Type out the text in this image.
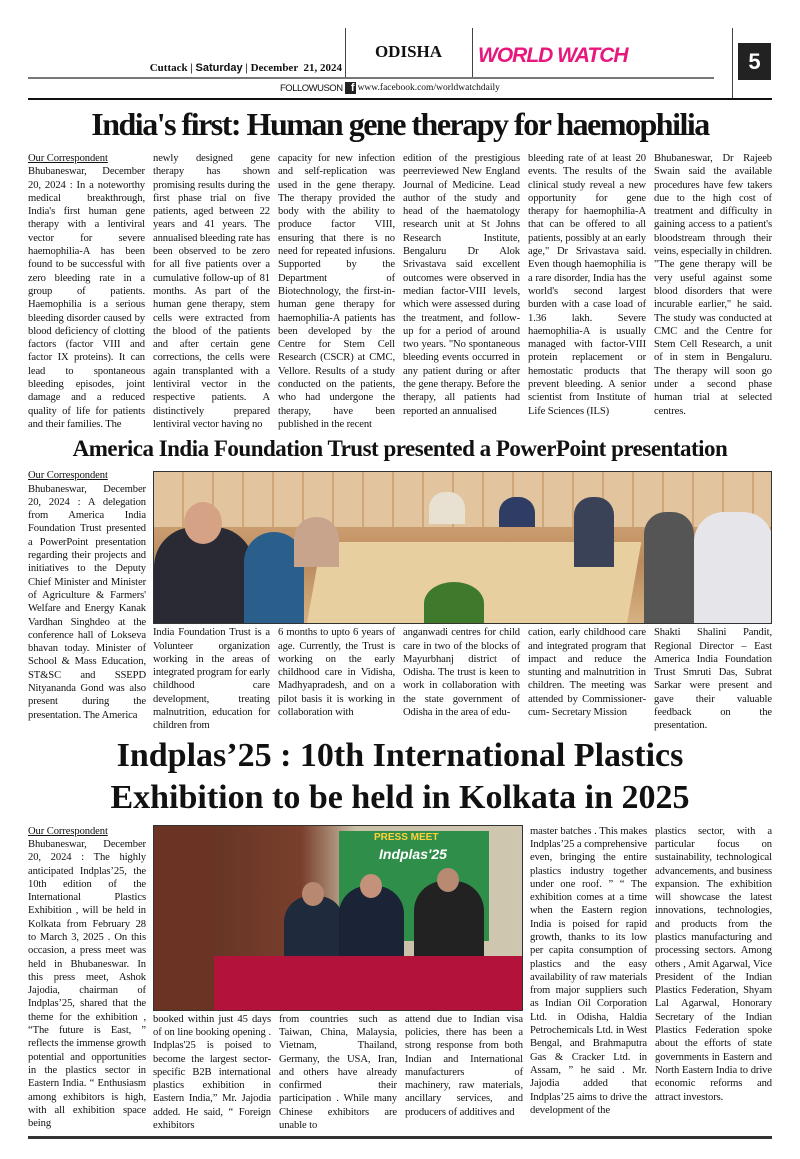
Cuttack | Saturday | December  21, 2024
ODISHA	WORLD WATCH	5
FOLLOWUSON f www.facebook.com/worldwatchdaily
India's first: Human gene therapy for haemophilia
Our Correspondent
Bhubaneswar, December 20, 2024 : In a noteworthy medical breakthrough, India's first human gene therapy with a lentiviral vector for severe haemophilia-A has been found to be successful with zero bleeding rate in a group of patients. Haemophilia is a serious bleeding disorder caused by blood deficiency of clotting factors (factor VIII and factor IX proteins). It can lead to spontaneous bleeding episodes, joint damage and a reduced quality of life for patients and their families. The
newly designed gene therapy has shown promising results during the first phase trial on five patients, aged between 22 years and 41 years. The annualised bleeding rate has been observed to be zero for all five patients over a cumulative follow-up of 81 months. As part of the human gene therapy, stem cells were extracted from the blood of the patients and after certain gene corrections, the cells were again transplanted with a lentiviral vector in the respective patients. A distinctively prepared lentiviral vector having no
capacity for new infection and self-replication was used in the gene therapy. The therapy provided the body with the ability to produce factor VIII, ensuring that there is no need for repeated infusions. Supported by the Department of Biotechnology, the first-in-human gene therapy for haemophilia-A patients has been developed by the Centre for Stem Cell Research (CSCR) at CMC, Vellore. Results of a study conducted on the patients, who had undergone the therapy, have been published in the recent
edition of the prestigious peerreviewed New England Journal of Medicine. Lead author of the study and head of the haematology research unit at St Johns Research Institute, Bengaluru Dr Alok Srivastava said excellent outcomes were observed in median factor-VIII levels, which were assessed during the treatment, and follow-up for a period of around two years. "No spontaneous bleeding events occurred in any patient during or after the gene therapy. Before the therapy, all patients had reported an annualised
bleeding rate of at least 20 events. The results of the clinical study reveal a new opportunity for gene therapy for haemophilia-A that can be offered to all patients, possibly at an early age," Dr Srivastava said. Even though haemophilia is a rare disorder, India has the world's second largest burden with a case load of 1.36 lakh. Severe haemophilia-A is usually managed with factor-VIII protein replacement or hemostatic products that prevent bleeding. A senior scientist from Institute of Life Sciences (ILS)
Bhubaneswar, Dr Rajeeb Swain said the available procedures have few takers due to the high cost of treatment and difficulty in gaining access to a patient's bloodstream through their veins, especially in children. "The gene therapy will be very useful against some blood disorders that were incurable earlier," he said. The study was conducted at CMC and the Centre for Stem Cell Research, a unit of in stem in Bengaluru. The therapy will soon go under a second phase human trial at selected centres.
America India Foundation Trust presented a PowerPoint presentation
Our Correspondent
Bhubaneswar, December 20, 2024 : A delegation from America India Foundation Trust presented a PowerPoint presentation regarding their projects and initiatives to the Deputy Chief Minister and Minister of Agriculture & Farmers' Welfare and Energy Kanak Vardhan Singhdeo at the conference hall of Lokseva bhavan today. Minister of School & Mass Education, ST&SC and SSEPD Nityananda Gond was also present during the presentation. The America
India Foundation Trust is a Volunteer organization working in the areas of integrated program for early childhood care development, treating malnutrition, education for children from
6 months to upto 6 years of age. Currently, the Trust is working on the early childhood care in Vidisha, Madhyapradesh, and on a pilot basis it is working in collaboration with
anganwadi centres for child care in two of the blocks of Mayurbhanj district of Odisha. The trust is keen to work in collaboration with the state government of Odisha in the area of edu-
cation, early childhood care and integrated program that impact and reduce the stunting and malnutrition in children. The meeting was attended by Commissioner-cum- Secretary Mission
Shakti Shalini Pandit, Regional Director – East America India Foundation Trust Smruti Das, Subrat Sarkar were present and gave their valuable feedback on the presentation.
Indplas’25 : 10th International Plastics
Exhibition to be held in Kolkata in 2025
Our Correspondent
Bhubaneswar, December 20, 2024 : The highly anticipated Indplas’25, the 10th edition of the International Plastics Exhibition , will be held in Kolkata from February 28 to March 3, 2025 . On this occasion, a press meet was held in Bhubaneswar. In this press meet, Ashok Jajodia, chairman of Indplas’25, shared that the theme for the exhibition , “The future is East, ” reflects the immense growth potential and opportunities in the plastics sector in Eastern India. “ Enthusiasm among exhibitors is high, with all exhibition space being
PRESS MEET
Indplas'25
booked within just 45 days of on line booking opening . Indplas'25 is poised to become the largest sector-specific B2B international plastics exhibition in Eastern India,” Mr. Jajodia added. He said, “ Foreign exhibitors
from countries such as Taiwan, China, Malaysia, Vietnam, Thailand, Germany, the USA, Iran, and others have already confirmed their participation . While many Chinese exhibitors are unable to
attend due to Indian visa policies, there has been a strong response from both Indian and International manufacturers of machinery, raw materials, ancillary services, and producers of additives and
master batches . This makes Indplas’25 a comprehensive even, bringing the entire plastics industry together under one roof. ” “ The exhibition comes at a time when the Eastern region India is poised for rapid growth, thanks to its low per capita consumption of plastics and the easy availability of raw materials from major suppliers such as Indian Oil Corporation Ltd. in Odisha, Haldia Petrochemicals Ltd. in West Bengal, and Brahmaputra Gas & Cracker Ltd. in Assam, ” he said . Mr. Jajodia added that Indplas’25 aims to drive the development of the
plastics sector, with a particular focus on sustainability, technological advancements, and business expansion. The exhibition will showcase the latest innovations, technologies, and products from the plastics manufacturing and processing sectors. Among others , Amit Agarwal, Vice President of the Indian Plastics Federation, Shyam Lal Agarwal, Honorary Secretary of the Indian Plastics Federation spoke about the efforts of state governments in Eastern and North Eastern India to drive economic reforms and attract investors.
